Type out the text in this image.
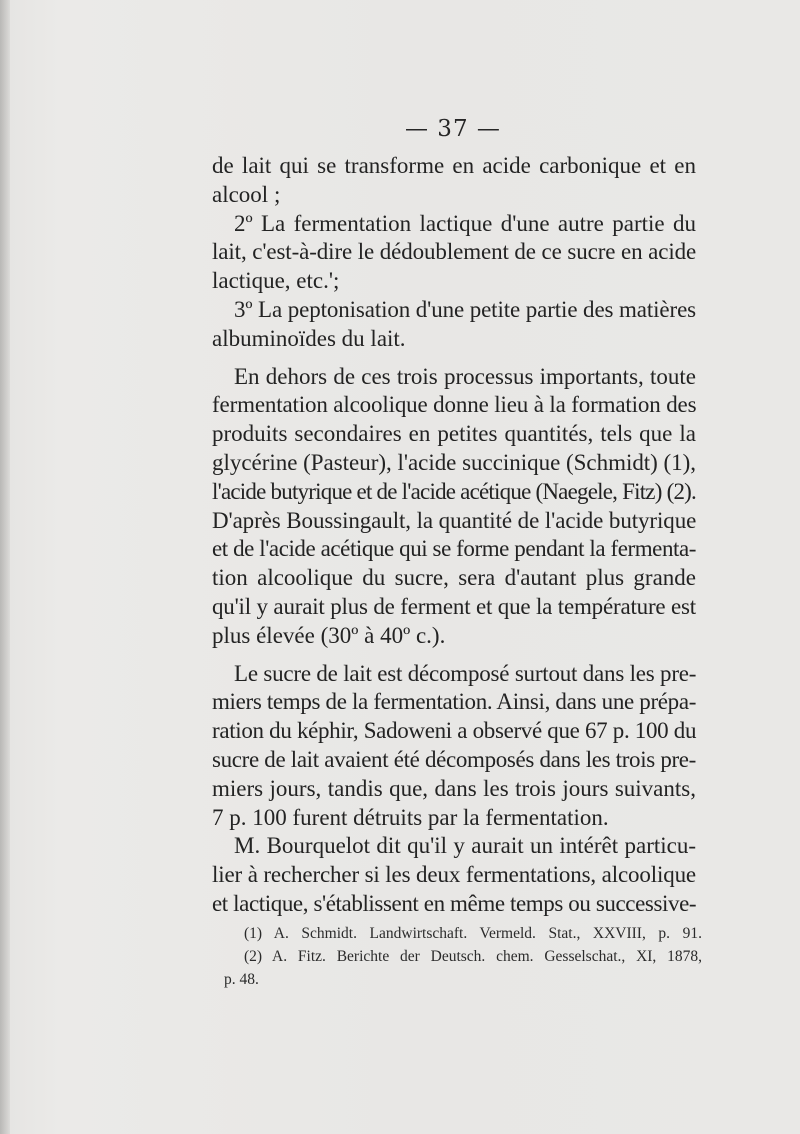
— 37 —
de lait qui se transforme en acide carbonique et en
alcool ;
2º La fermentation lactique d'une autre partie du
lait, c'est-à-dire le dédoublement de ce sucre en acide
lactique, etc.';
3º La peptonisation d'une petite partie des matières
albuminoïdes du lait.
En dehors de ces trois processus importants, toute
fermentation alcoolique donne lieu à la formation des
produits secondaires en petites quantités, tels que la
glycérine (Pasteur), l'acide succinique (Schmidt) (1),
l'acide butyrique et de l'acide acétique (Naegele, Fitz) (2).
D'après Boussingault, la quantité de l'acide butyrique
et de l'acide acétique qui se forme pendant la fermenta-
tion alcoolique du sucre, sera d'autant plus grande
qu'il y aurait plus de ferment et que la température est
plus élevée (30º à 40º c.).
Le sucre de lait est décomposé surtout dans les pre-
miers temps de la fermentation. Ainsi, dans une prépa-
ration du képhir, Sadoweni a observé que 67 p. 100 du
sucre de lait avaient été décomposés dans les trois pre-
miers jours, tandis que, dans les trois jours suivants,
7 p. 100 furent détruits par la fermentation.
M. Bourquelot dit qu'il y aurait un intérêt particu-
lier à rechercher si les deux fermentations, alcoolique
et lactique, s'établissent en même temps ou successive-
(1) A. Schmidt. Landwirtschaft. Vermeld. Stat., XXVIII, p. 91.
(2) A. Fitz. Berichte der Deutsch. chem. Gesselschat., XI, 1878,
p. 48.
